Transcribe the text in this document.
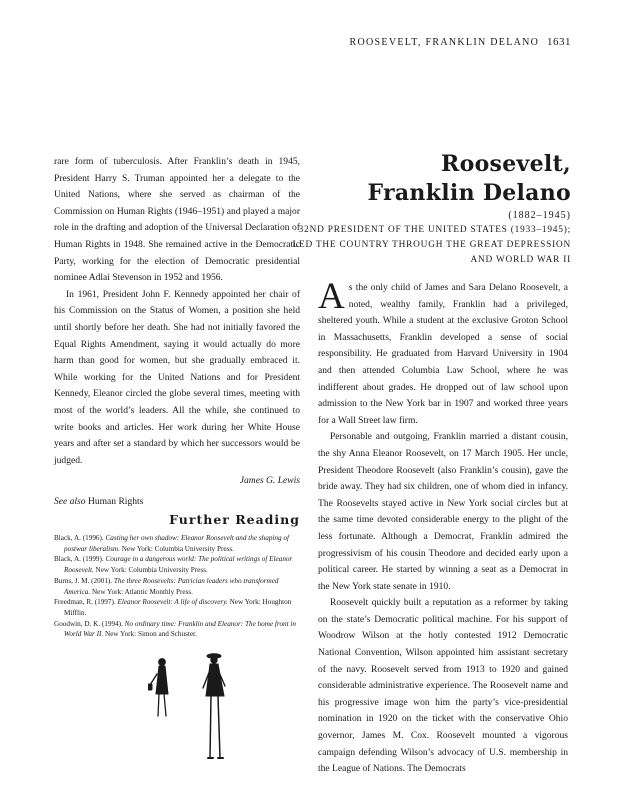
ROOSEVELT, FRANKLIN DELANO 1631

rare form of tuberculosis. After Franklin’s death in 1945, President Harry S. Truman appointed her a delegate to the United Nations, where she served as chairman of the Commission on Human Rights (1946–1951) and played a major role in the drafting and adoption of the Universal Declaration of Human Rights in 1948. She remained active in the Democratic Party, working for the election of Democratic presidential nominee Adlai Stevenson in 1952 and 1956.

In 1961, President John F. Kennedy appointed her chair of his Commission on the Status of Women, a position she held until shortly before her death. She had not initially favored the Equal Rights Amendment, saying it would actually do more harm than good for women, but she gradually embraced it. While working for the United Nations and for President Kennedy, Eleanor circled the globe several times, meeting with most of the world’s leaders. All the while, she continued to write books and articles. Her work during her White House years and after set a standard by which her successors would be judged.

James G. Lewis
See also Human Rights
Further Reading

Black, A. (1996). Casting her own shadow: Eleanor Roosevelt and the shaping of postwar liberalism. New York: Columbia University Press.

Black, A. (1999). Courage in a dangerous world: The political writings of Eleanor Roosevelt. New York: Columbia University Press.

Burns, J. M. (2001). The three Roosevelts: Patrician leaders who transformed America. New York: Atlantic Monthly Press.

Freedman, R. (1997). Eleanor Roosevelt: A life of discovery. New York: Houghton Mifflin.

Goodwin, D. K. (1994). No ordinary time: Franklin and Eleanor: The home front in World War II. New York: Simon and Schuster.

Roosevelt,
Franklin Delano
(1882–1945)
32ND PRESIDENT OF THE UNITED STATES (1933–1945); LED THE COUNTRY THROUGH THE GREAT DEPRESSION AND WORLD WAR II

As the only child of James and Sara Delano Roosevelt, a noted, wealthy family, Franklin had a privileged, sheltered youth. While a student at the exclusive Groton School in Massachusetts, Franklin developed a sense of social responsibility. He graduated from Harvard University in 1904 and then attended Columbia Law School, where he was indifferent about grades. He dropped out of law school upon admission to the New York bar in 1907 and worked three years for a Wall Street law firm.

Personable and outgoing, Franklin married a distant cousin, the shy Anna Eleanor Roosevelt, on 17 March 1905. Her uncle, President Theodore Roosevelt (also Franklin’s cousin), gave the bride away. They had six children, one of whom died in infancy. The Roosevelts stayed active in New York social circles but at the same time devoted considerable energy to the plight of the less fortunate. Although a Democrat, Franklin admired the progressivism of his cousin Theodore and decided early upon a political career. He started by winning a seat as a Democrat in the New York state senate in 1910.

Roosevelt quickly built a reputation as a reformer by taking on the state’s Democratic political machine. For his support of Woodrow Wilson at the hotly contested 1912 Democratic National Convention, Wilson appointed him assistant secretary of the navy. Roosevelt served from 1913 to 1920 and gained considerable administrative experience. The Roosevelt name and his progressive image won him the party’s vice-presidential nomination in 1920 on the ticket with the conservative Ohio governor, James M. Cox. Roosevelt mounted a vigorous campaign defending Wilson’s advocacy of U.S. membership in the League of Nations. The Democrats
